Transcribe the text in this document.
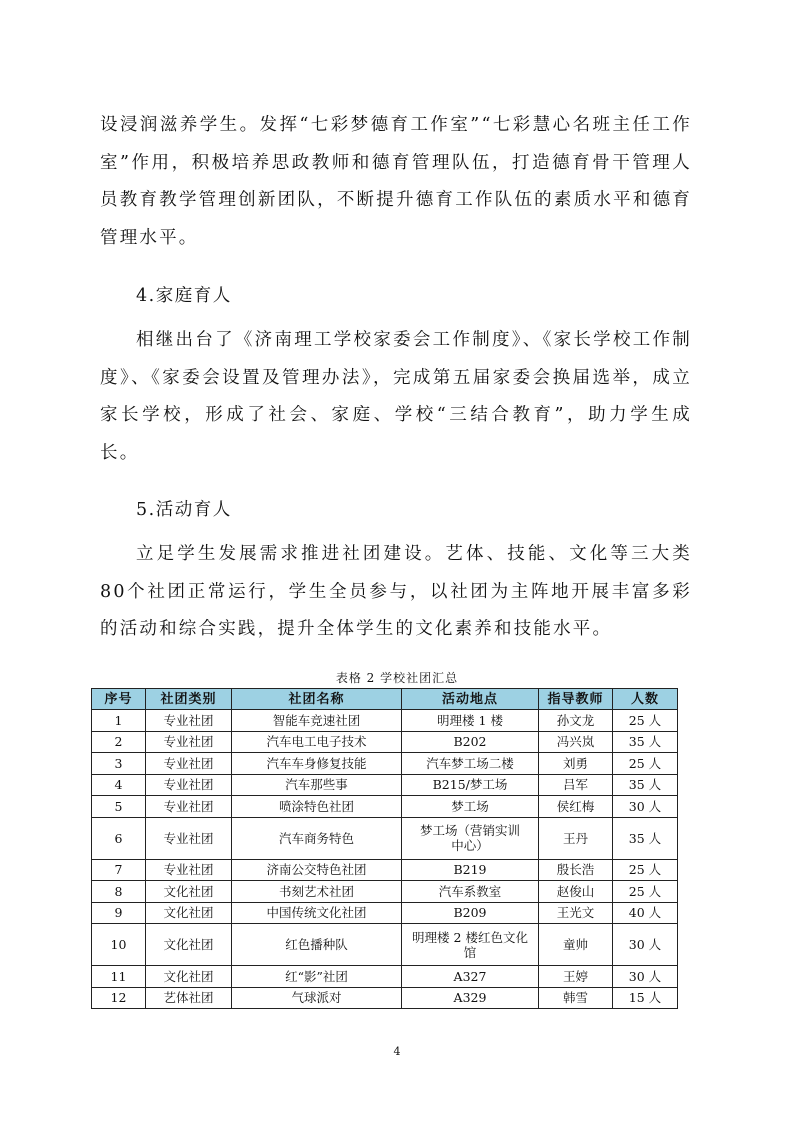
设浸润滋养学生。发挥“七彩梦德育工作室”“七彩慧心名班主任工作室”作用，积极培养思政教师和德育管理队伍，打造德育骨干管理人员教育教学管理创新团队，不断提升德育工作队伍的素质水平和德育管理水平。

4.家庭育人

相继出台了《济南理工学校家委会工作制度》、《家长学校工作制度》、《家委会设置及管理办法》，完成第五届家委会换届选举，成立家长学校，形成了社会、家庭、学校“三结合教育”，助力学生成长。

5.活动育人

立足学生发展需求推进社团建设。艺体、技能、文化等三大类80个社团正常运行，学生全员参与，以社团为主阵地开展丰富多彩的活动和综合实践，提升全体学生的文化素养和技能水平。

表格 2 学校社团汇总
序号	社团类别	社团名称	活动地点	指导教师	人数
1	专业社团	智能车竞速社团	明理楼 1 楼	孙文龙	25 人
2	专业社团	汽车电工电子技术	B202	冯兴岚	35 人
3	专业社团	汽车车身修复技能	汽车梦工场二楼	刘勇	25 人
4	专业社团	汽车那些事	B215/梦工场	吕军	35 人
5	专业社团	喷涂特色社团	梦工场	侯红梅	30 人
6	专业社团	汽车商务特色	梦工场（营销实训中心）	王丹	35 人
7	专业社团	济南公交特色社团	B219	殷长浩	25 人
8	文化社团	书刻艺术社团	汽车系教室	赵俊山	25 人
9	文化社团	中国传统文化社团	B209	王光文	40 人
10	文化社团	红色播种队	明理楼 2 楼红色文化馆	童帅	30 人
11	文化社团	红“影”社团	A327	王婷	30 人
12	艺体社团	气球派对	A329	韩雪	15 人
4
